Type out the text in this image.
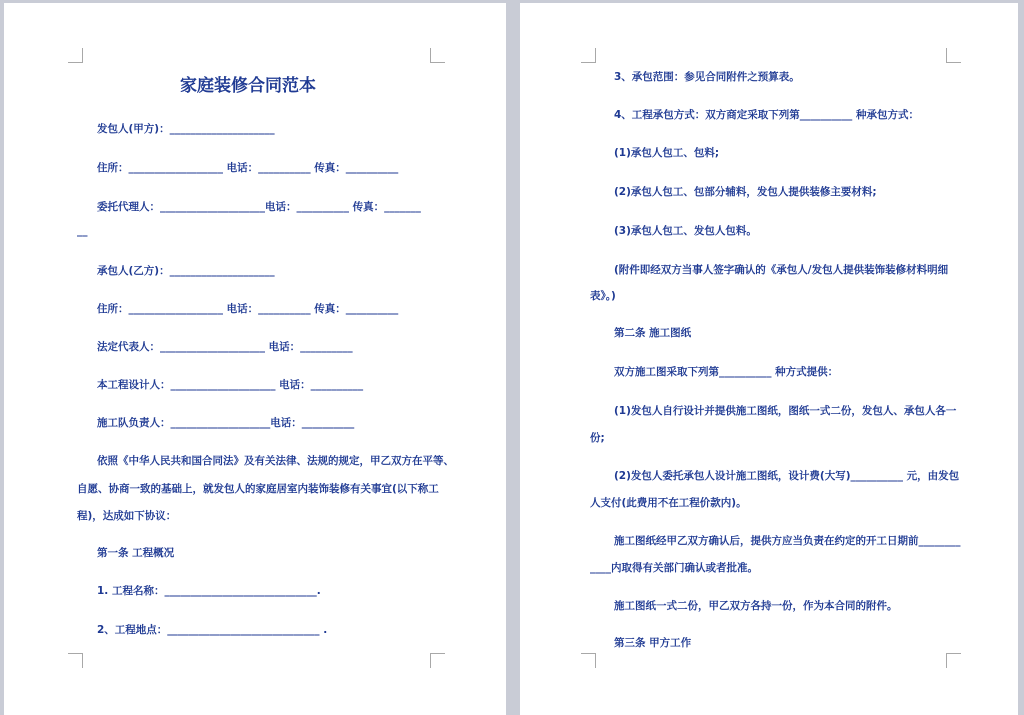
家庭装修合同范本
发包人(甲方)：____________________
住所：__________________ 电话：__________ 传真：__________
委托代理人：____________________电话：__________ 传真：_______
__
承包人(乙方)：____________________
住所：__________________ 电话：__________ 传真：__________
法定代表人：____________________ 电话：__________
本工程设计人：____________________ 电话：__________
施工队负责人：___________________电话：__________
依照《中华人民共和国合同法》及有关法律、法规的规定，甲乙双方在平等、
自愿、协商一致的基础上，就发包人的家庭居室内装饰装修有关事宜(以下称工
程)，达成如下协议：
第一条 工程概况
1. 工程名称：_____________________________.
2、工程地点：_____________________________ .
3、承包范围：参见合同附件之预算表。
4、工程承包方式：双方商定采取下列第__________ 种承包方式：
(1)承包人包工、包料;
(2)承包人包工、包部分辅料，发包人提供装修主要材料;
(3)承包人包工、发包人包料。
(附件即经双方当事人签字确认的《承包人/发包人提供装饰装修材料明细
表》。)
第二条 施工图纸
双方施工图采取下列第__________ 种方式提供：
(1)发包人自行设计并提供施工图纸，图纸一式二份，发包人、承包人各一
份;
(2)发包人委托承包人设计施工图纸，设计费(大写)__________ 元，由发包
人支付(此费用不在工程价款内)。
施工图纸经甲乙双方确认后，提供方应当负责在约定的开工日期前________
____内取得有关部门确认或者批准。
施工图纸一式二份，甲乙双方各持一份，作为本合同的附件。
第三条 甲方工作
